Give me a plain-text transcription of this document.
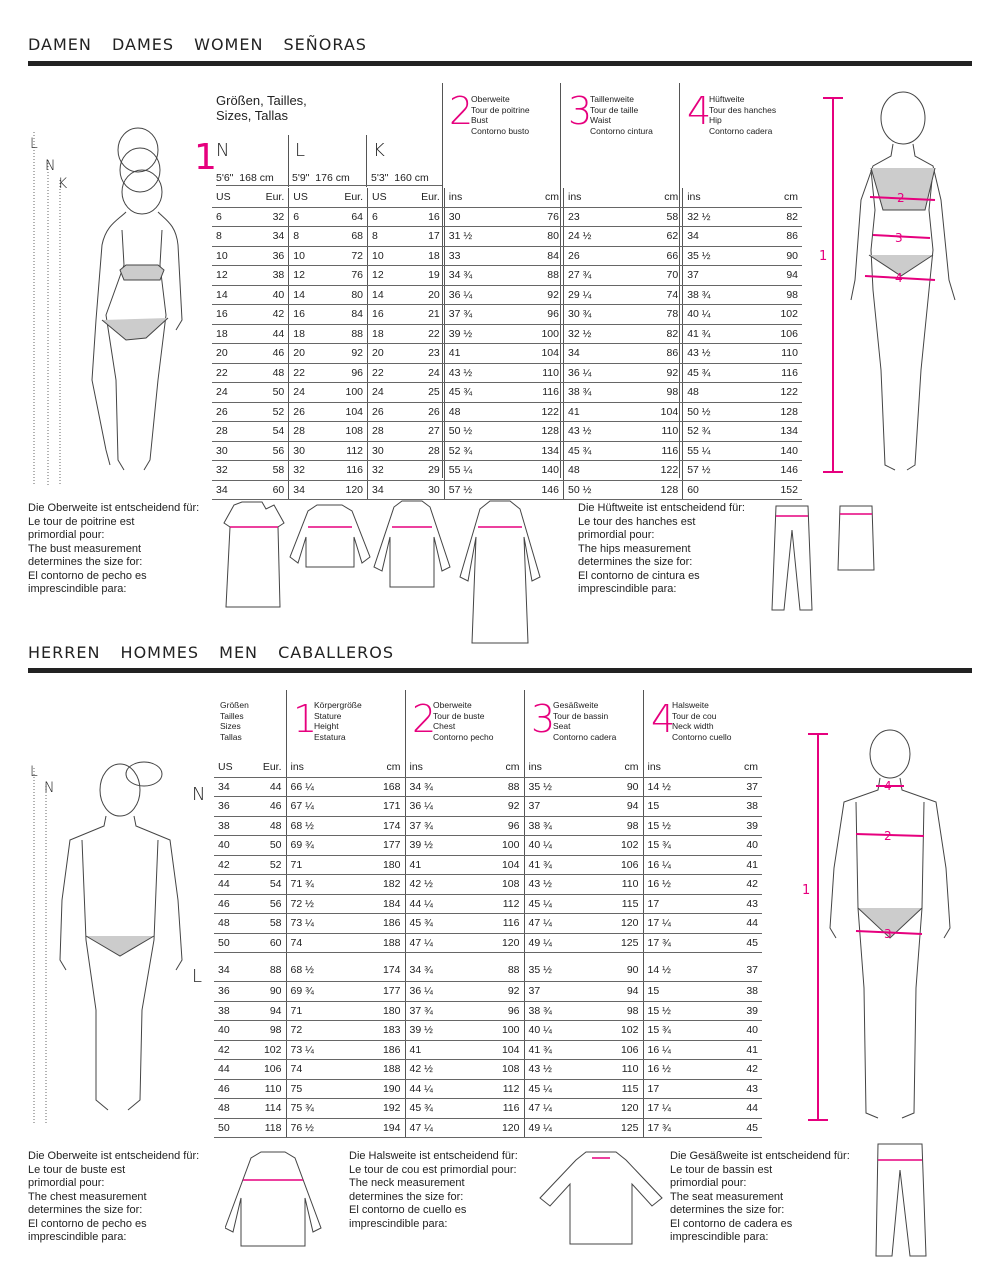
DAMEN DAMES WOMEN SEÑORAS
L
N
K
Größen, Tailles,
Sizes, Tallas
1 N	L	K
5'6" 168 cm 5'9" 176 cm 5'3" 160 cm
2
Oberweite
Tour de poitrine
Bust
Contorno busto 3
Taillenweite
Tour de taille
Waist
Contorno cintura 4
Hüftweite
Tour des hanches
Hip
Contorno cadera
US	Eur.	US	Eur.	US	Eur.	ins	cm	ins	cm	ins	cm
6	32	6	64	6	16	30	76	23	58	32 ½	82
8	34	8	68	8	17	31 ½	80	24 ½	62	34	86
10	36	10	72	10	18	33	84	26	66	35 ½	90
12	38	12	76	12	19	34 ¾	88	27 ¾	70	37	94
14	40	14	80	14	20	36 ¼	92	29 ¼	74	38 ¾	98
16	42	16	84	16	21	37 ¾	96	30 ¾	78	40 ¼	102
18	44	18	88	18	22	39 ½	100	32 ½	82	41 ¾	106
20	46	20	92	20	23	41	104	34	86	43 ½	110
22	48	22	96	22	24	43 ½	110	36 ¼	92	45 ¾	116
24	50	24	100	24	25	45 ¾	116	38 ¾	98	48	122
26	52	26	104	26	26	48	122	41	104	50 ½	128
28	54	28	108	28	27	50 ½	128	43 ½	110	52 ¾	134
30	56	30	112	30	28	52 ¾	134	45 ¾	116	55 ¼	140
32	58	32	116	32	29	55 ¼	140	48	122	57 ½	146
34	60	34	120	34	30	57 ½	146	50 ½	128	60	152
1
2
3
4
Die Oberweite ist entscheidend für:
Le tour de poitrine est
primordial pour:
The bust measurement
determines the size for:
El contorno de pecho es
imprescindible para:
Die Hüftweite ist entscheidend für:
Le tour des hanches est
primordial pour:
The hips measurement
determines the size for:
El contorno de cintura es
imprescindible para:
HERREN HOMMES MEN CABALLEROS
L
N
Größen
Tailles
Sizes
Tallas 1
Körpergröße
Stature
Height
Estatura	2
Oberweite
Tour de buste
Chest
Contorno pecho 3
Gesäßweite
Tour de bassin
Seat
Contorno cadera 4
Halsweite
Tour de cou
Neck width
Contorno cuello
N
L
US	Eur.	ins	cm	ins	cm	ins	cm	ins	cm
34	44	66 ¼	168	34 ¾	88	35 ½	90	14 ½	37
36	46	67 ¼	171	36 ¼	92	37	94	15	38
38	48	68 ½	174	37 ¾	96	38 ¾	98	15 ½	39
40	50	69 ¾	177	39 ½	100	40 ¼	102	15 ¾	40
42	52	71	180	41	104	41 ¾	106	16 ¼	41
44	54	71 ¾	182	42 ½	108	43 ½	110	16 ½	42
46	56	72 ½	184	44 ¼	112	45 ¼	115	17	43
48	58	73 ¼	186	45 ¾	116	47 ¼	120	17 ¼	44
50	60	74	188	47 ¼	120	49 ¼	125	17 ¾	45
34	88	68 ½	174	34 ¾	88	35 ½	90	14 ½	37
36	90	69 ¾	177	36 ¼	92	37	94	15	38
38	94	71	180	37 ¾	96	38 ¾	98	15 ½	39
40	98	72	183	39 ½	100	40 ¼	102	15 ¾	40
42	102	73 ¼	186	41	104	41 ¾	106	16 ¼	41
44	106	74	188	42 ½	108	43 ½	110	16 ½	42
46	110	75	190	44 ¼	112	45 ¼	115	17	43
48	114	75 ¾	192	45 ¾	116	47 ¼	120	17 ¼	44
50	118	76 ½	194	47 ¼	120	49 ¼	125	17 ¾	45
1
2
3
4
Die Oberweite ist entscheidend für:
Le tour de buste est
primordial pour:
The chest measurement
determines the size for:
El contorno de pecho es
imprescindible para:
Die Halsweite ist entscheidend für:
Le tour de cou est primordial pour:
The neck measurement
determines the size for:
El contorno de cuello es
imprescindible para:
Die Gesäßweite ist entscheidend für:
Le tour de bassin est
primordial pour:
The seat measurement
determines the size for:
El contorno de cadera es
imprescindible para:
